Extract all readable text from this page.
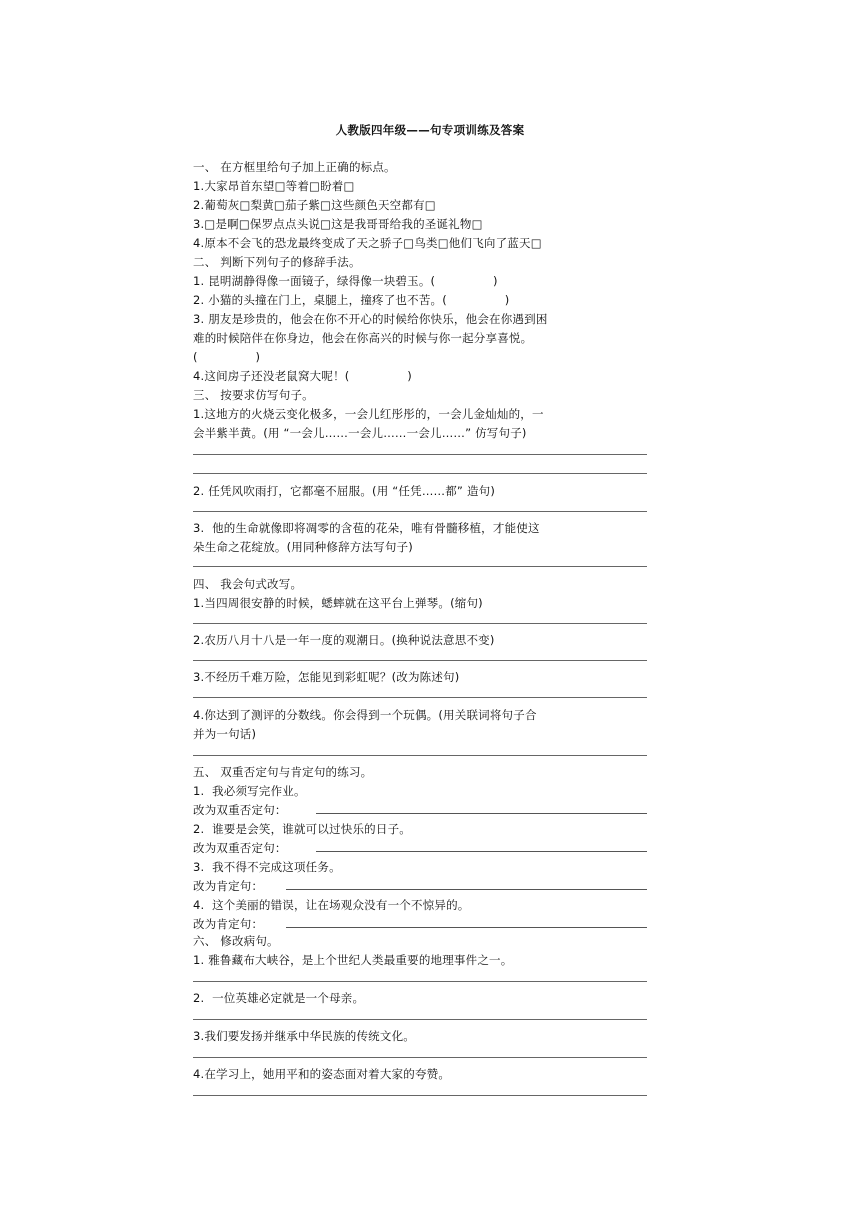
人教版四年级——句专项训练及答案
一、 在方框里给句子加上正确的标点。
1.大家昂首东望□等着□盼着□
2.葡萄灰□梨黄□茄子紫□这些颜色天空都有□
3.□是啊□保罗点点头说□这是我哥哥给我的圣诞礼物□
4.原本不会飞的恐龙最终变成了天之骄子□鸟类□他们飞向了蓝天□
二、 判断下列句子的修辞手法。
1. 昆明湖静得像一面镜子，绿得像一块碧玉。(               )
2. 小猫的头撞在门上，桌腿上，撞疼了也不苦。(               )
3. 朋友是珍贵的，他会在你不开心的时候给你快乐，他会在你遇到困
难的时候陪伴在你身边，他会在你高兴的时候与你一起分享喜悦。
(               )
4.这间房子还没老鼠窝大呢！(               )
三、 按要求仿写句子。
1.这地方的火烧云变化极多，一会儿红彤彤的，一会儿金灿灿的，一
会半紫半黄。(用 “一会儿……一会儿……一会儿……” 仿写句子)
2. 任凭风吹雨打，它都毫不屈服。(用 “任凭……都” 造句)
3.  他的生命就像即将凋零的含苞的花朵，唯有骨髓移植，才能使这
朵生命之花绽放。(用同种修辞方法写句子)
四、 我会句式改写。
1.当四周很安静的时候，蟋蟀就在这平台上弹琴。(缩句)
2.农历八月十八是一年一度的观潮日。(换种说法意思不变)
3.不经历千难万险，怎能见到彩虹呢？(改为陈述句)
4.你达到了测评的分数线。你会得到一个玩偶。(用关联词将句子合
并为一句话)
五、 双重否定句与肯定句的练习。
1.  我必须写完作业。
改为双重否定句：
2.  谁要是会笑，谁就可以过快乐的日子。
改为双重否定句：
3.  我不得不完成这项任务。
改为肯定句：
4.  这个美丽的错误，让在场观众没有一个不惊异的。
改为肯定句：
六、 修改病句。
1. 雅鲁藏布大峡谷，是上个世纪人类最重要的地理事件之一。
2.  一位英雄必定就是一个母亲。
3.我们要发扬并继承中华民族的传统文化。
4.在学习上，她用平和的姿态面对着大家的夸赞。
